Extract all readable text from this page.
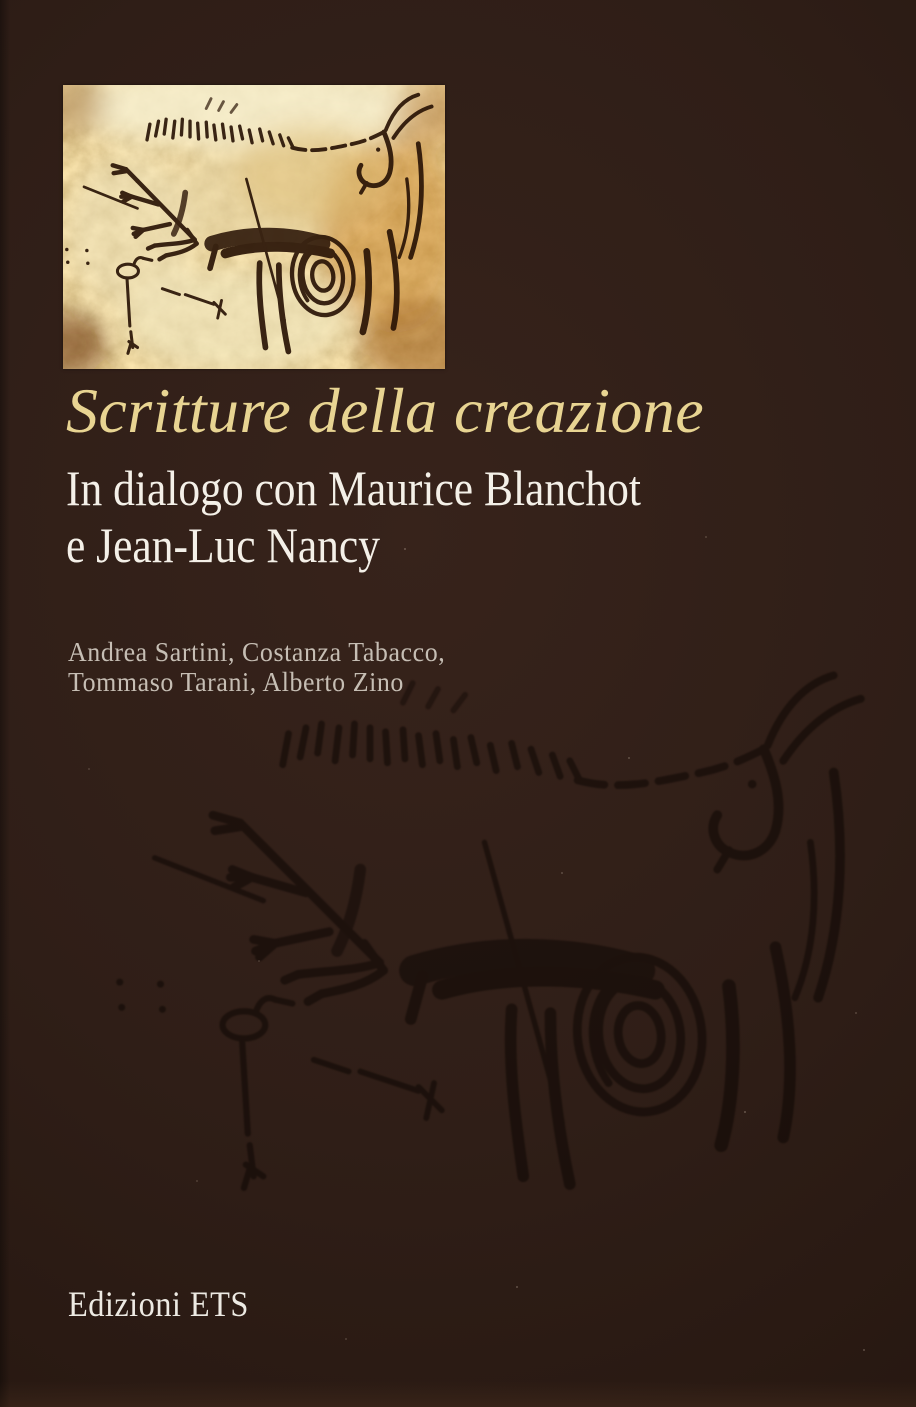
Scritture della creazione
In dialogo con Maurice Blanchot
e Jean-Luc Nancy
Andrea Sartini, Costanza Tabacco,
Tommaso Tarani, Alberto Zino
Edizioni ETS
